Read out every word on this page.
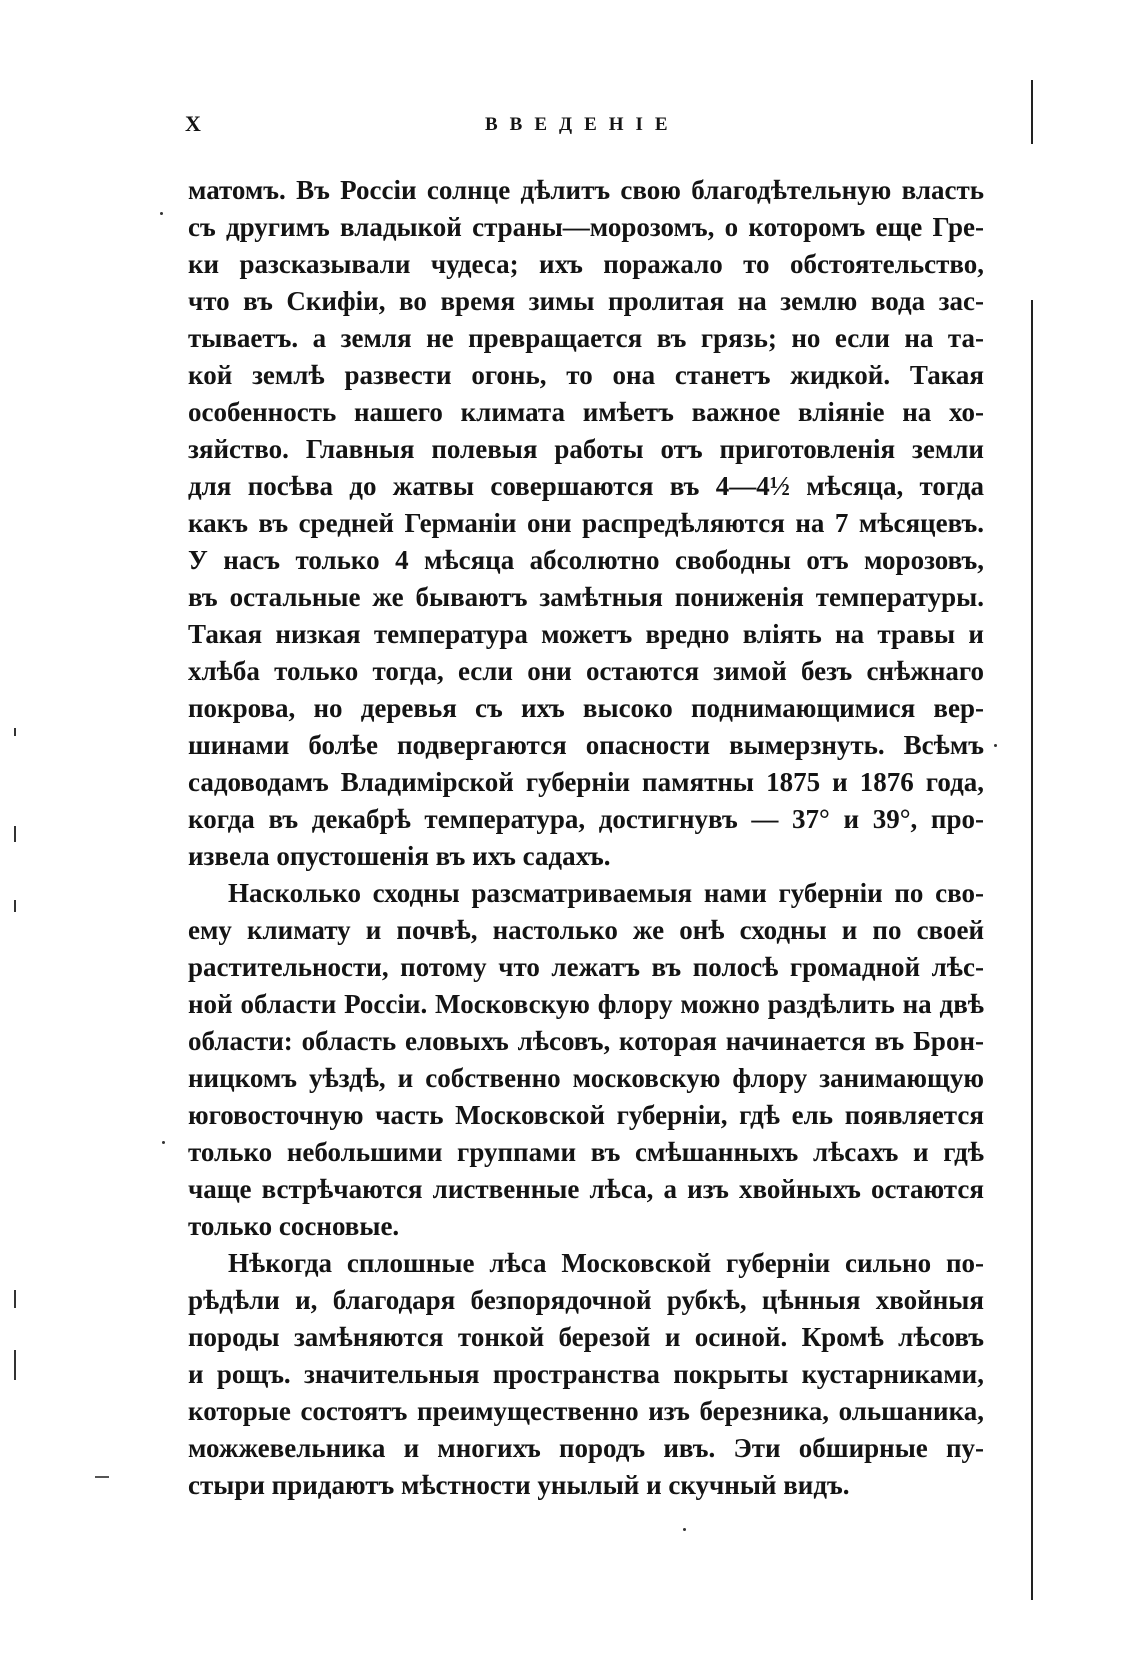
X	ВВЕДЕНІЕ
матомъ. Въ Россіи солнце дѣлитъ свою благодѣтельную власть
съ другимъ владыкой страны—морозомъ, о которомъ еще Гре-
ки разсказывали чудеса; ихъ поражало то обстоятельство,
что въ Скифіи, во время зимы пролитая на землю вода зас-
тываетъ. а земля не превращается въ грязь; но если на та-
кой землѣ развести огонь, то она станетъ жидкой. Такая
особенность нашего климата имѣетъ важное вліяніе на хо-
зяйство. Главныя полевыя работы отъ приготовленія земли
для посѣва до жатвы совершаются въ 4—4½ мѣсяца, тогда
какъ въ средней Германіи они распредѣляются на 7 мѣсяцевъ.
У насъ только 4 мѣсяца абсолютно свободны отъ морозовъ,
въ остальные же бываютъ замѣтныя пониженія температуры.
Такая низкая температура можетъ вредно вліять на травы и
хлѣба только тогда, если они остаются зимой безъ снѣжнаго
покрова, но деревья съ ихъ высоко поднимающимися вер-
шинами болѣе подвергаются опасности вымерзнуть. Всѣмъ
садоводамъ Владимірской губерніи памятны 1875 и 1876 года,
когда въ декабрѣ температура, достигнувъ — 37° и 39°, про-
извела опустошенія въ ихъ садахъ.
Насколько сходны разсматриваемыя нами губерніи по сво-
ему климату и почвѣ, настолько же онѣ сходны и по своей
растительности, потому что лежатъ въ полосѣ громадной лѣс-
ной области Россіи. Московскую флору можно раздѣлить на двѣ
области: область еловыхъ лѣсовъ, которая начинается въ Брон-
ницкомъ уѣздѣ, и собственно московскую флору занимающую
юговосточную часть Московской губерніи, гдѣ ель появляется
только небольшими группами въ смѣшанныхъ лѣсахъ и гдѣ
чаще встрѣчаются лиственные лѣса, а изъ хвойныхъ остаются
только сосновые.
Нѣкогда сплошные лѣса Московской губерніи сильно по-
рѣдѣли и, благодаря безпорядочной рубкѣ, цѣнныя хвойныя
породы замѣняются тонкой березой и осиной. Кромѣ лѣсовъ
и рощъ. значительныя пространства покрыты кустарниками,
которые состоятъ преимущественно изъ березника, ольшаника,
можжевельника и многихъ породъ ивъ. Эти обширные пу-
стыри придаютъ мѣстности унылый и скучный видъ.
